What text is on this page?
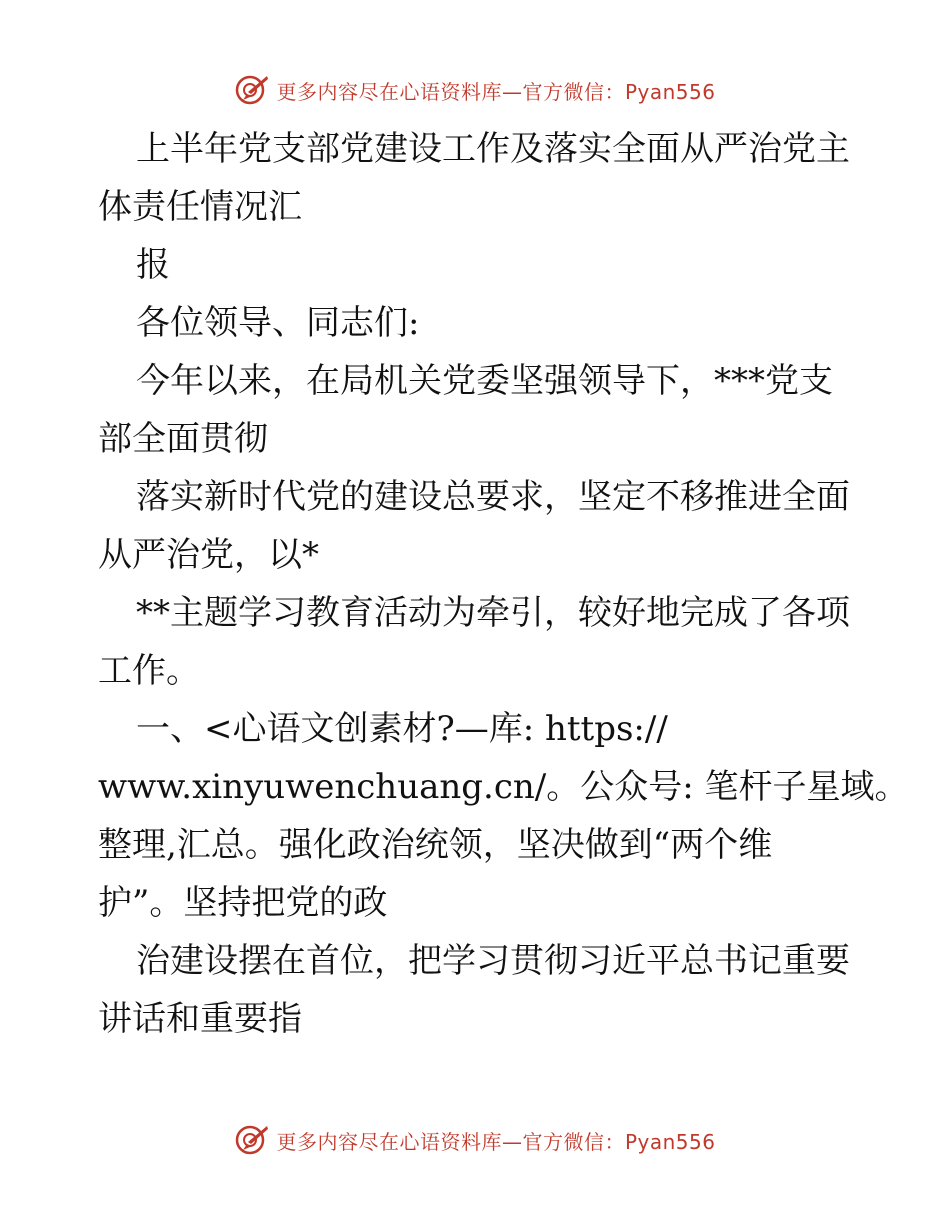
更多内容尽在心语资料库—官方微信：Pyan556
上半年党支部党建设工作及落实全面从严治党主
体责任情况汇
报
各位领导、同志们:
今年以来，在局机关党委坚强领导下，***党支
部全面贯彻
落实新时代党的建设总要求，坚定不移推进全面
从严治党，以*
**主题学习教育活动为牵引，较好地完成了各项
工作。
一、<心语文创素材?—库: https://
www.xinyuwenchuang.cn/。公众号: 笔杆子星域。
整理,汇总。强化政治统领，坚决做到“两个维
护”。坚持把党的政
治建设摆在首位，把学习贯彻习近平总书记重要
讲话和重要指
更多内容尽在心语资料库—官方微信：Pyan556
